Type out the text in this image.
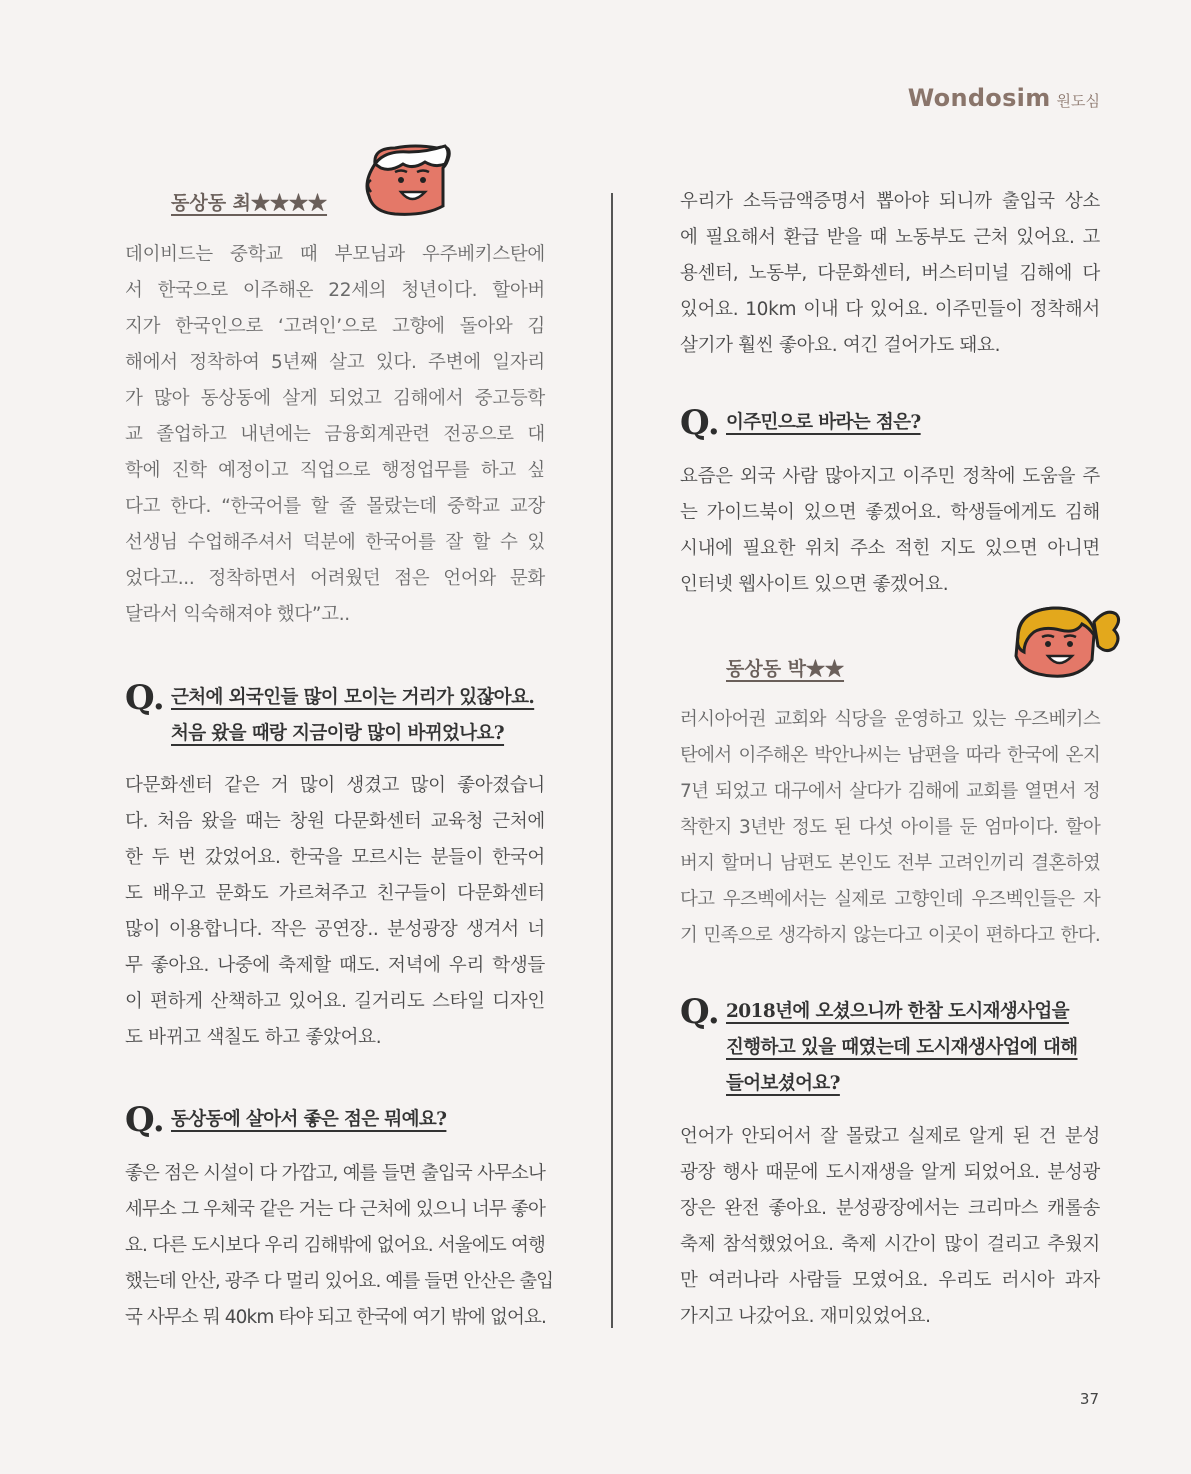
Wondosim 원도심
동상동 최★★★★
데이비드는 중학교 때 부모님과 우주베키스탄에
서 한국으로 이주해온 22세의 청년이다. 할아버
지가 한국인으로 ‘고려인’으로 고향에 돌아와 김
해에서 정착하여 5년째 살고 있다. 주변에 일자리
가 많아 동상동에 살게 되었고 김해에서 중고등학
교 졸업하고 내년에는 금융회계관련 전공으로 대
학에 진학 예정이고 직업으로 행정업무를 하고 싶
다고 한다. “한국어를 할 줄 몰랐는데 중학교 교장
선생님 수업해주셔서 덕분에 한국어를 잘 할 수 있
었다고... 정착하면서 어려웠던 점은 언어와 문화
달라서 익숙해져야 했다”고..
Q. 근처에 외국인들 많이 모이는 거리가 있잖아요.
처음 왔을 때랑 지금이랑 많이 바뀌었나요?
다문화센터 같은 거 많이 생겼고 많이 좋아졌습니
다. 처음 왔을 때는 창원 다문화센터 교육청 근처에
한 두 번 갔었어요. 한국을 모르시는 분들이 한국어
도 배우고 문화도 가르쳐주고 친구들이 다문화센터
많이 이용합니다. 작은 공연장.. 분성광장 생겨서 너
무 좋아요. 나중에 축제할 때도. 저녁에 우리 학생들
이 편하게 산책하고 있어요. 길거리도 스타일 디자인
도 바뀌고 색칠도 하고 좋았어요.
Q. 동상동에 살아서 좋은 점은 뭐예요?
좋은 점은 시설이 다 가깝고, 예를 들면 출입국 사무소나
세무소 그 우체국 같은 거는 다 근처에 있으니 너무 좋아
요. 다른 도시보다 우리 김해밖에 없어요. 서울에도 여행
했는데 안산, 광주 다 멀리 있어요. 예를 들면 안산은 출입
국 사무소 뭐 40km 타야 되고 한국에 여기 밖에 없어요.
우리가 소득금액증명서 뽑아야 되니까 출입국 상소
에 필요해서 환급 받을 때 노동부도 근처 있어요. 고
용센터, 노동부, 다문화센터, 버스터미널 김해에 다
있어요. 10km 이내 다 있어요. 이주민들이 정착해서
살기가 훨씬 좋아요. 여긴 걸어가도 돼요.
Q. 이주민으로 바라는 점은?
요즘은 외국 사람 많아지고 이주민 정착에 도움을 주
는 가이드북이 있으면 좋겠어요. 학생들에게도 김해
시내에 필요한 위치 주소 적힌 지도 있으면 아니면
인터넷 웹사이트 있으면 좋겠어요.
동상동 박★★
러시아어권 교회와 식당을 운영하고 있는 우즈베키스
탄에서 이주해온 박안나씨는 남편을 따라 한국에 온지
7년 되었고 대구에서 살다가 김해에 교회를 열면서 정
착한지 3년반 정도 된 다섯 아이를 둔 엄마이다. 할아
버지 할머니 남편도 본인도 전부 고려인끼리 결혼하였
다고 우즈벡에서는 실제로 고향인데 우즈벡인들은 자
기 민족으로 생각하지 않는다고 이곳이 편하다고 한다.
Q. 2018년에 오셨으니까 한참 도시재생사업을
진행하고 있을 때였는데 도시재생사업에 대해
들어보셨어요?
언어가 안되어서 잘 몰랐고 실제로 알게 된 건 분성
광장 행사 때문에 도시재생을 알게 되었어요. 분성광
장은 완전 좋아요. 분성광장에서는 크리마스 캐롤송
축제 참석했었어요. 축제 시간이 많이 걸리고 추웠지
만 여러나라 사람들 모였어요. 우리도 러시아 과자
가지고 나갔어요. 재미있었어요.
37
